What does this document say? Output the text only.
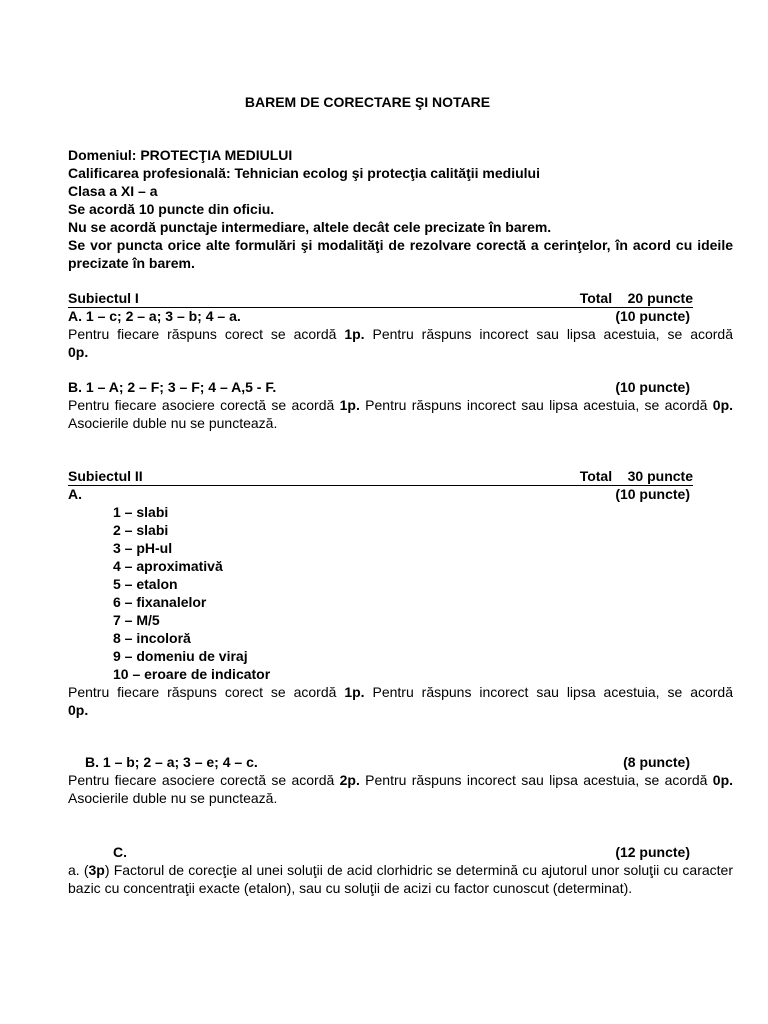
BAREM DE CORECTARE ŞI NOTARE
Domeniul: PROTECŢIA MEDIULUI
Calificarea profesională: Tehnician ecolog şi protecţia calităţii mediului
Clasa a XI – a
Se acordă 10 puncte din oficiu.
Nu se acordă punctaje intermediare, altele decât cele precizate în barem.
Se vor puncta orice alte formulări şi modalităţi de rezolvare corectă a cerinţelor, în acord cu ideile precizate în barem.
Subiectul I	Total    20 puncte
A. 1 – c; 2 – a; 3 – b; 4 – a.	(10 puncte)
Pentru fiecare răspuns corect se acordă 1p. Pentru răspuns incorect sau lipsa acestuia, se acordă
0p.
B. 1 – A; 2 – F; 3 – F; 4 – A,5 - F.	(10 puncte)
Pentru fiecare asociere corectă se acordă 1p. Pentru răspuns incorect sau lipsa acestuia, se acordă 0p. Asocierile duble nu se punctează.
Subiectul II	Total    30 puncte
A.	(10 puncte)
1 – slabi
2 – slabi
3 – pH-ul
4 – aproximativă
5 – etalon
6 – fixanalelor
7 – M/5
8 – incoloră
9 – domeniu de viraj
10 – eroare de indicator
Pentru fiecare răspuns corect se acordă 1p. Pentru răspuns incorect sau lipsa acestuia, se acordă
0p.
B. 1 – b; 2 – a; 3 – e; 4 – c.	(8 puncte)
Pentru fiecare asociere corectă se acordă 2p. Pentru răspuns incorect sau lipsa acestuia, se acordă 0p. Asocierile duble nu se punctează.
C.	(12 puncte)
a. (3p) Factorul de corecţie al unei soluţii de acid clorhidric se determină cu ajutorul unor soluţii cu caracter bazic cu concentraţii exacte (etalon), sau cu soluţii de acizi cu factor cunoscut (determinat).
